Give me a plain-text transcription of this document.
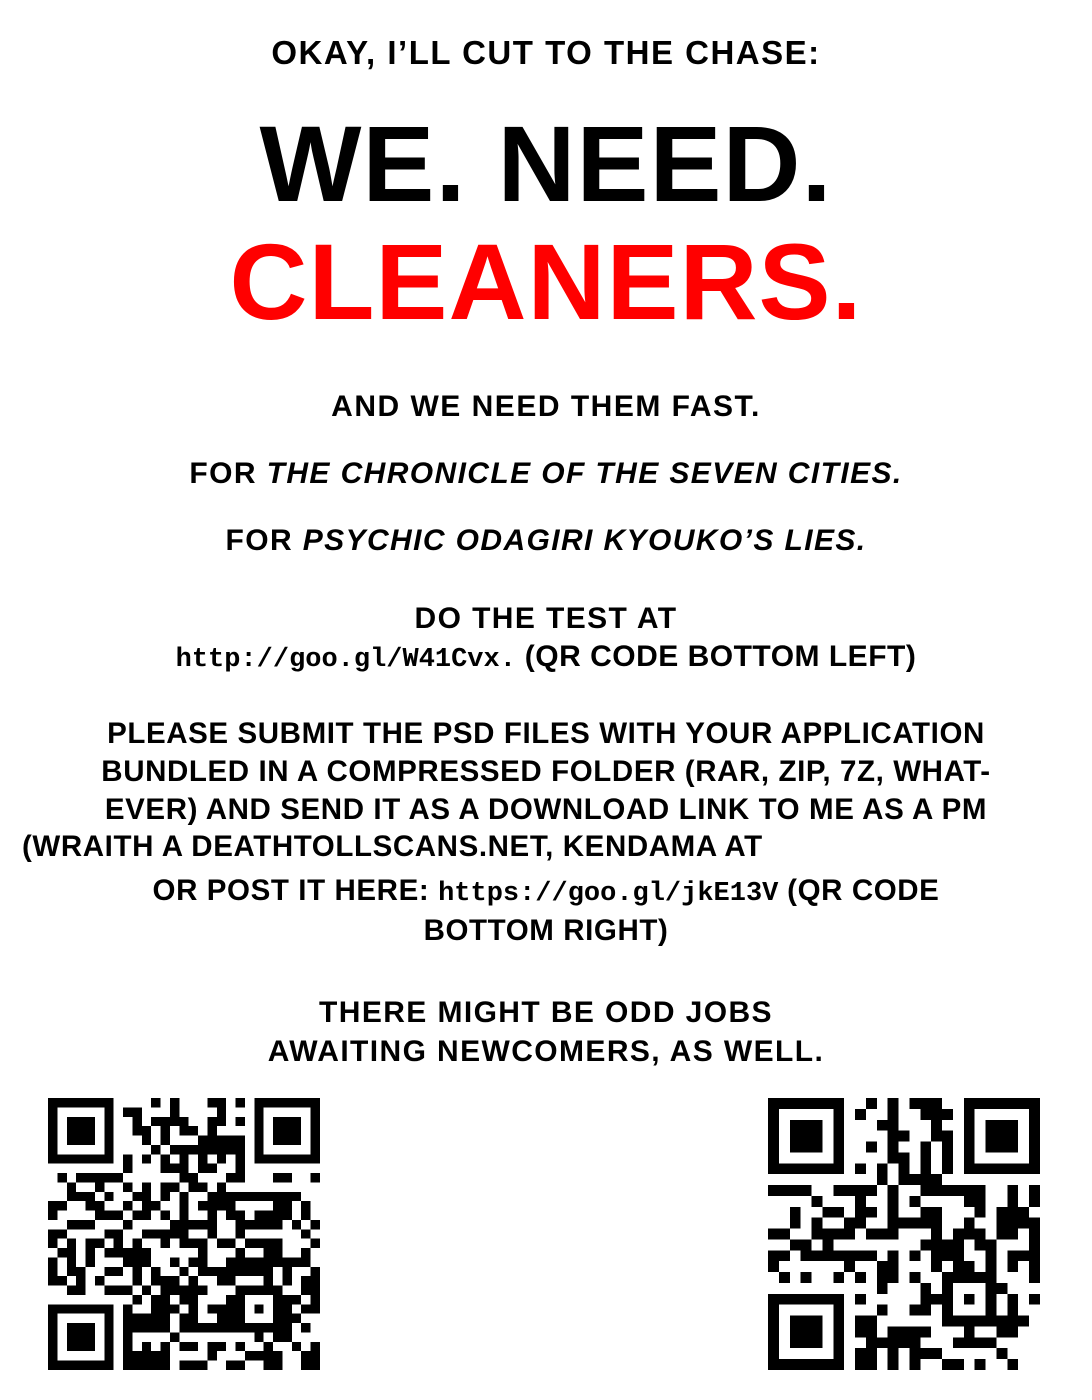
OKAY, I’LL CUT TO THE CHASE:
WE. NEED.
CLEANERS.
AND WE NEED THEM FAST.
FOR THE CHRONICLE OF THE SEVEN CITIES.
FOR PSYCHIC ODAGIRI KYOUKO’S LIES.
DO THE TEST AT
http://goo.gl/W41Cvx. (QR CODE BOTTOM LEFT)
PLEASE SUBMIT THE PSD FILES WITH YOUR APPLICATION
BUNDLED IN A COMPRESSED FOLDER (RAR, ZIP, 7Z, WHAT-
EVER) AND SEND IT AS A DOWNLOAD LINK TO ME AS A PM
(WRAITH A DEATHTOLLSCANS.NET, KENDAMA AT
OR POST IT HERE: https://goo.gl/jkE13V (QR CODE
BOTTOM RIGHT)
THERE MIGHT BE ODD JOBS
AWAITING NEWCOMERS, AS WELL.
